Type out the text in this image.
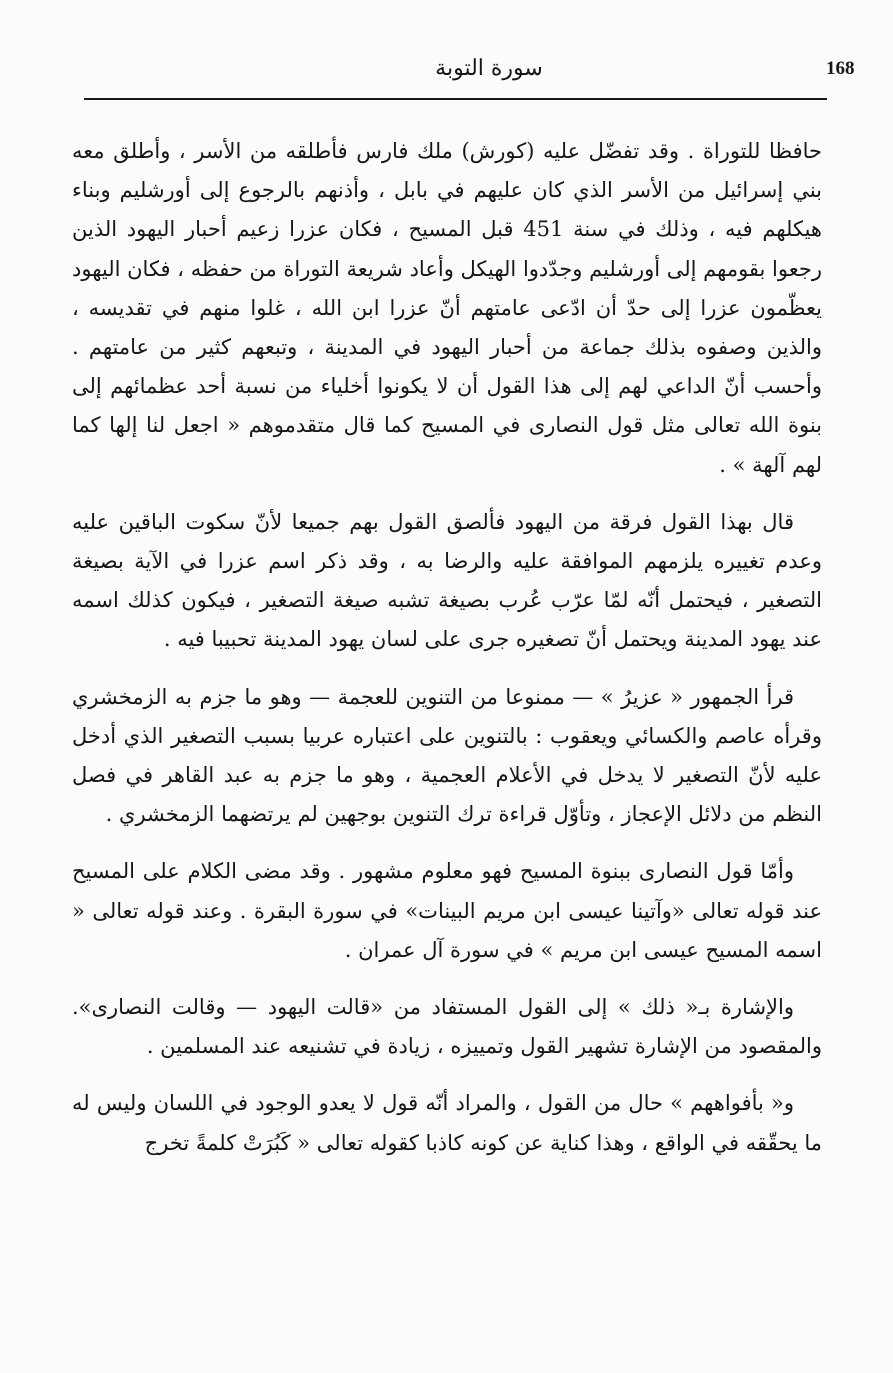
168
سورة التوبة

حافظا للتوراة . وقد تفضّل عليه (كورش) ملك فارس فأطلقه من الأسر ، وأطلق معه بني إسرائيل من الأسر الذي كان عليهم في بابل ، وأذنهم بالرجوع إلى أورشليم وبناء هيكلهم فيه ، وذلك في سنة 451 قبل المسيح ، فكان عزرا زعيم أحبار اليهود الذين رجعوا بقومهم إلى أورشليم وجدّدوا الهيكل وأعاد شريعة التوراة من حفظه ، فكان اليهود يعظّمون عزرا إلى حدّ أن ادّعى عامتهم أنّ عزرا ابن الله ، غلوا منهم في تقديسه ، والذين وصفوه بذلك جماعة من أحبار اليهود في المدينة ، وتبعهم كثير من عامتهم . وأحسب أنّ الداعي لهم إلى هذا القول أن لا يكونوا أخلياء من نسبة أحد عظمائهم إلى بنوة الله تعالى مثل قول النصارى في المسيح كما قال متقدموهم « اجعل لنا إلها كما لهم آلهة » .

قال بهذا القول فرقة من اليهود فألصق القول بهم جميعا لأنّ سكوت الباقين عليه وعدم تغييره يلزمهم الموافقة عليه والرضا به ، وقد ذكر اسم عزرا في الآية بصيغة التصغير ، فيحتمل أنّه لمّا عرّب عُرب بصيغة تشبه صيغة التصغير ، فيكون كذلك اسمه عند يهود المدينة ويحتمل أنّ تصغيره جرى على لسان يهود المدينة تحبيبا فيه .

قرأ الجمهور « عزيرُ » — ممنوعا من التنوين للعجمة — وهو ما جزم به الزمخشري وقرأه عاصم والكسائي ويعقوب : بالتنوين على اعتباره عربيا بسبب التصغير الذي أدخل عليه لأنّ التصغير لا يدخل في الأعلام العجمية ، وهو ما جزم به عبد القاهر في فصل النظم من دلائل الإعجاز ، وتأوّل قراءة ترك التنوين بوجهين لم يرتضهما الزمخشري .

وأمّا قول النصارى ببنوة المسيح فهو معلوم مشهور . وقد مضى الكلام على المسيح عند قوله تعالى «وآتينا عيسى ابن مريم البينات» في سورة البقرة . وعند قوله تعالى « اسمه المسيح عيسى ابن مريم » في سورة آل عمران .

والإشارة بـ« ذلك » إلى القول المستفاد من «قالت اليهود — وقالت النصارى». والمقصود من الإشارة تشهير القول وتمييزه ، زيادة في تشنيعه عند المسلمين .

و« بأفواههم » حال من القول ، والمراد أنّه قول لا يعدو الوجود في اللسان وليس له ما يحقّقه في الواقع ، وهذا كناية عن كونه كاذبا كقوله تعالى « كَبُرَتْ كلمةً تخرج
